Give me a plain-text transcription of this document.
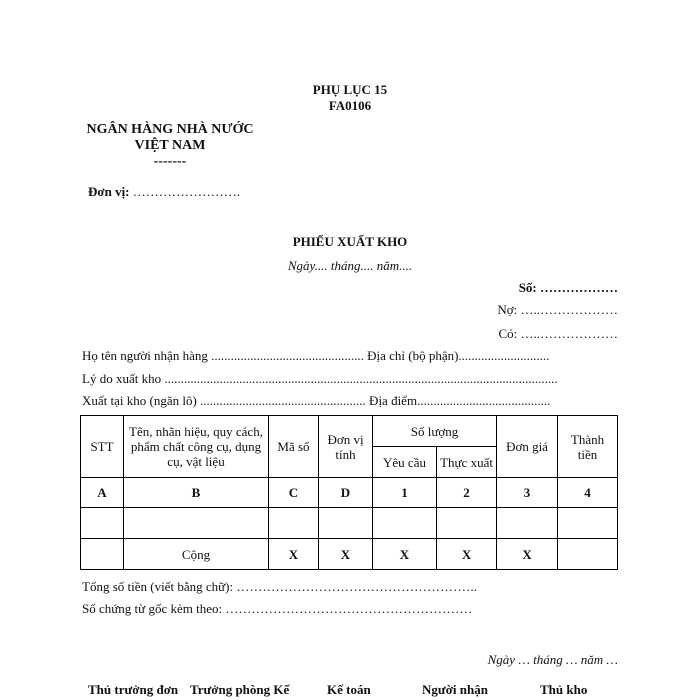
PHỤ LỤC 15
FA0106
NGÂN HÀNG NHÀ NƯỚC
VIỆT NAM
-------
Đơn vị: …………………….
PHIẾU XUẤT KHO
Ngày.... tháng.... năm....
Số: ………………
Nợ: …..………………
Có: …..………………
Họ tên người nhận hàng ............................................... Địa chỉ (bộ phận)............................
Lý do xuất kho .........................................................................................................................
Xuất tại kho (ngăn lô) ................................................... Địa điểm.........................................
STT	Tên, nhãn hiệu, quy cách, phẩm chất công cụ, dụng cụ, vật liệu	Mã số	Đơn vị tính	Số lượng		Đơn giá	Thành tiền
				Yêu cầu	Thực xuất		
A	B	C	D	1	2	3	4

	Cộng	X	X	X	X	X	
Tổng số tiền (viết bằng chữ): ………………………………………………..
Số chứng từ gốc kèm theo: …………………………………………………
Ngày … tháng … năm …
Thủ trưởng đơn Trưởng phòng Kế	Kế toán	Người nhận	Thủ kho
